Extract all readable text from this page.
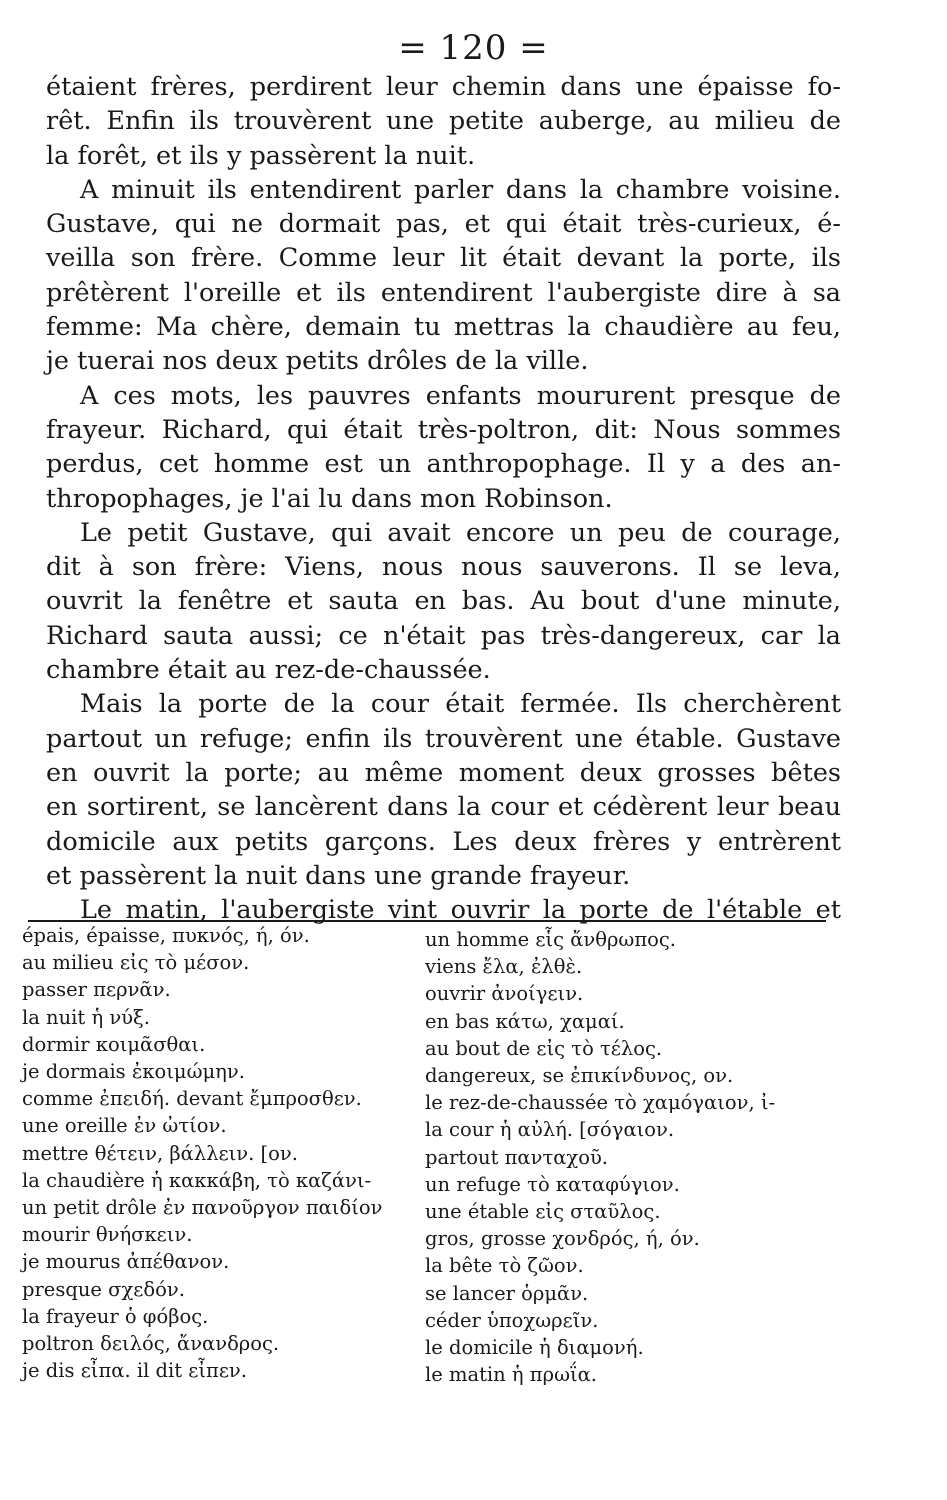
= 120 =
étaient frères, perdirent leur chemin dans une épaisse fo-
rêt. Enfin ils trouvèrent une petite auberge, au milieu de
la forêt, et ils y passèrent la nuit.
A minuit ils entendirent parler dans la chambre voisine.
Gustave, qui ne dormait pas, et qui était très-curieux, é-
veilla son frère. Comme leur lit était devant la porte, ils
prêtèrent l'oreille et ils entendirent l'aubergiste dire à sa
femme: Ma chère, demain tu mettras la chaudière au feu,
je tuerai nos deux petits drôles de la ville.
A ces mots, les pauvres enfants moururent presque de
frayeur. Richard, qui était très-poltron, dit: Nous sommes
perdus, cet homme est un anthropophage. Il y a des an-
thropophages, je l'ai lu dans mon Robinson.
Le petit Gustave, qui avait encore un peu de courage,
dit à son frère: Viens, nous nous sauverons. Il se leva,
ouvrit la fenêtre et sauta en bas. Au bout d'une minute,
Richard sauta aussi; ce n'était pas très-dangereux, car la
chambre était au rez-de-chaussée.
Mais la porte de la cour était fermée. Ils cherchèrent
partout un refuge; enfin ils trouvèrent une étable. Gustave
en ouvrit la porte; au même moment deux grosses bêtes
en sortirent, se lancèrent dans la cour et cédèrent leur beau
domicile aux petits garçons. Les deux frères y entrèrent
et passèrent la nuit dans une grande frayeur.
Le matin, l'aubergiste vint ouvrir la porte de l'étable et
épais, épaisse, πυκνός, ή, όν.
au milieu εἰς τὸ μέσον.
passer περνᾶν.
la nuit ἡ νύξ.
dormir κοιμᾶσθαι.
je dormais ἐκοιμώμην.
comme ἐπειδή. devant ἔμπροσθεν.
une oreille ἐν ὠτίον.
mettre θέτειν, βάλλειν. [ον.
la chaudière ἡ καккάβη, τὸ καζάνι-
un petit drôle ἐν πανοῦργον παιδίον
mourir θνήσκειν.
je mourus ἀπέθανον.
presque σχεδόν.
la frayeur ὁ φόβος.
poltron δειλός, ἄνανδρος.
je dis εἶπα. il dit εἶπεν.
un homme εἷς ἄνθρωπος.
viens ἔλα, ἐλθὲ.
ouvrir ἀνοίγειν.
en bas κάτω, χαμαί.
au bout de εἰς τὸ τέλος.
dangereux, se ἐπικίνδυνος, ον.
le rez-de-chaussée τὸ χαμόγαιον, ἰ-
la cour ἡ αὐλή. [σόγαιον.
partout πανταχοῦ.
un refuge τὸ καταφύγιον.
une étable εἰς σταῦλος.
gros, grosse χονδρός, ή, όν.
la bête τὸ ζῶον.
se lancer ὁρμᾶν.
céder ὑποχωρεῖν.
le domicile ἡ διαμονή.
le matin ἡ πρωΐα.
